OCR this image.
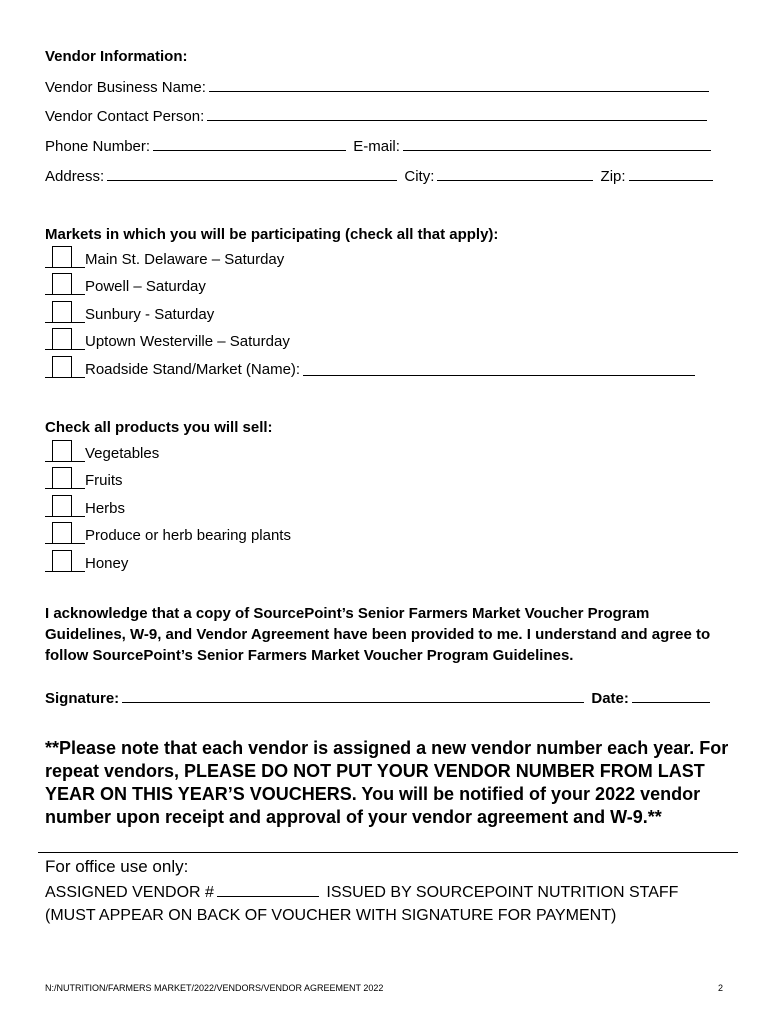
Vendor Information:
Vendor Business Name:
Vendor Contact Person:
Phone Number:	E-mail:
Address:	City:	Zip:
Markets in which you will be participating (check all that apply):
Main St. Delaware – Saturday
Powell – Saturday
Sunbury - Saturday
Uptown Westerville – Saturday
Roadside Stand/Market (Name):
Check all products you will sell:
Vegetables
Fruits
Herbs
Produce or herb bearing plants
Honey
I acknowledge that a copy of SourcePoint’s Senior Farmers Market Voucher Program Guidelines, W-9, and Vendor Agreement have been provided to me. I understand and agree to follow SourcePoint’s Senior Farmers Market Voucher Program Guidelines.
Signature:	Date:
**Please note that each vendor is assigned a new vendor number each year. For repeat vendors, PLEASE DO NOT PUT YOUR VENDOR NUMBER FROM LAST YEAR ON THIS YEAR’S VOUCHERS. You will be notified of your 2022 vendor number upon receipt and approval of your vendor agreement and W-9.**
For office use only:
ASSIGNED VENDOR #	ISSUED BY SOURCEPOINT NUTRITION STAFF
(MUST APPEAR ON BACK OF VOUCHER WITH SIGNATURE FOR PAYMENT)
N:/NUTRITION/FARMERS MARKET/2022/VENDORS/VENDOR AGREEMENT 2022	2
